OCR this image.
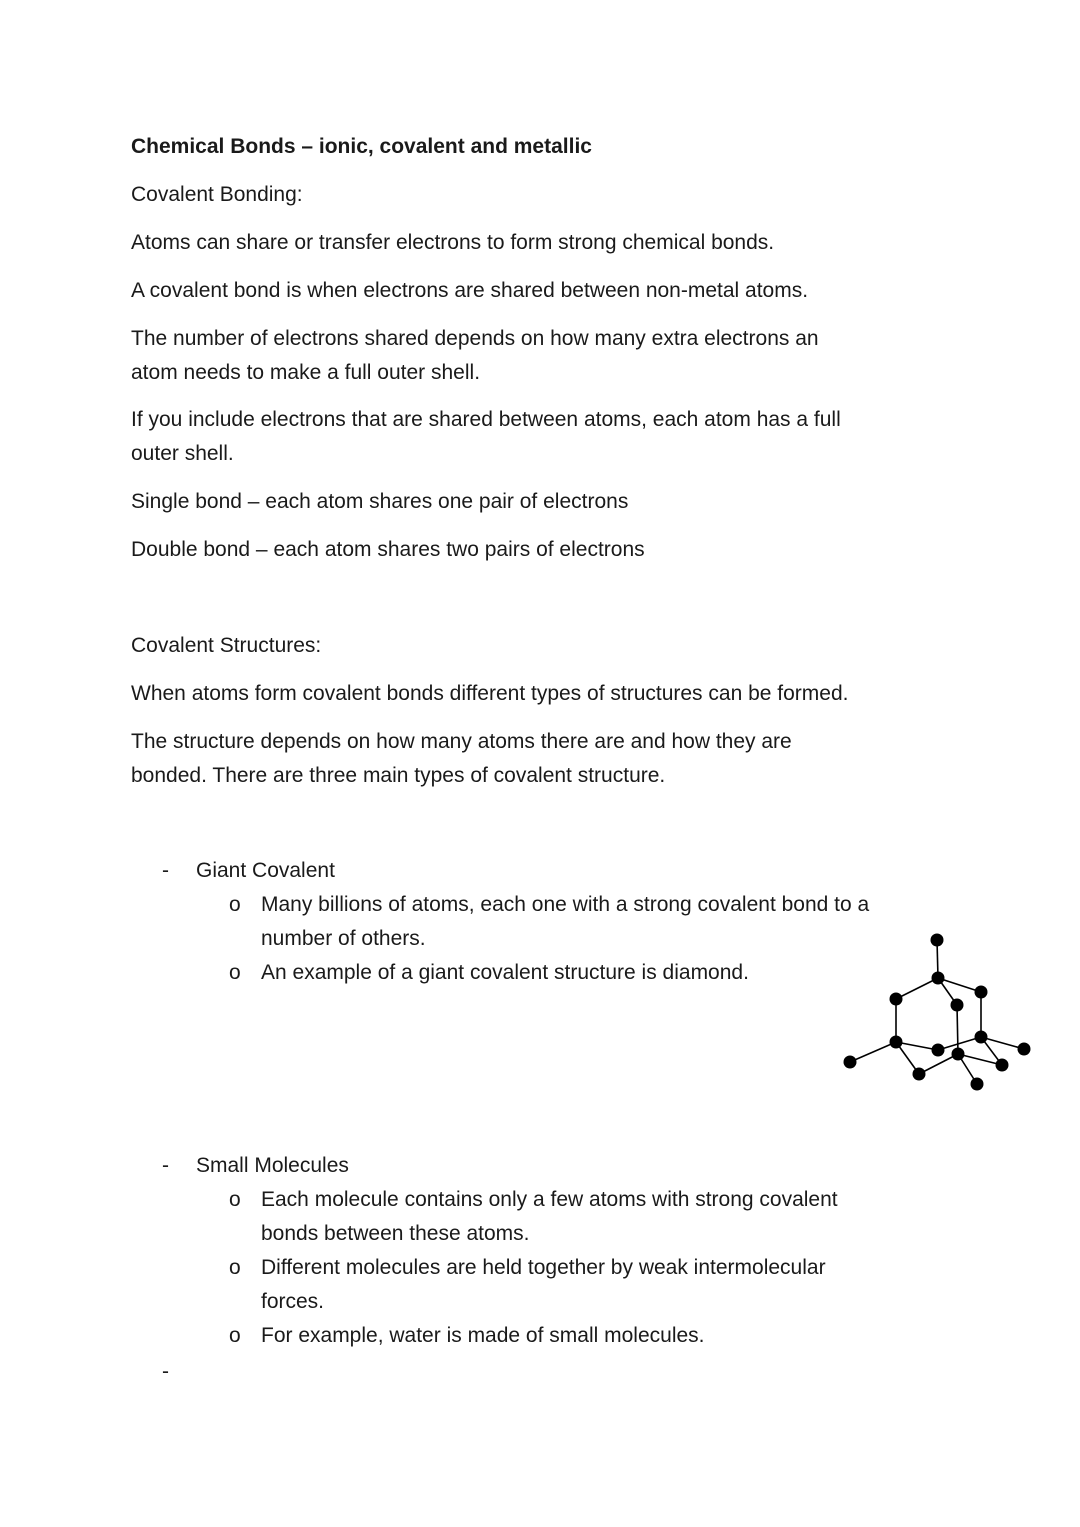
Chemical Bonds – ionic, covalent and metallic
Covalent Bonding:
Atoms can share or transfer electrons to form strong chemical bonds.
A covalent bond is when electrons are shared between non-metal atoms.
The number of electrons shared depends on how many extra electrons an
atom needs to make a full outer shell.
If you include electrons that are shared between atoms, each atom has a full
outer shell.
Single bond – each atom shares one pair of electrons
Double bond – each atom shares two pairs of electrons
Covalent Structures:
When atoms form covalent bonds different types of structures can be formed.
The structure depends on how many atoms there are and how they are
bonded. There are three main types of covalent structure.
- Giant Covalent
o Many billions of atoms, each one with a strong covalent bond to a
number of others.
o An example of a giant covalent structure is diamond.
- Small Molecules
o Each molecule contains only a few atoms with strong covalent
bonds between these atoms.
o Different molecules are held together by weak intermolecular
forces.
o For example, water is made of small molecules.
-
